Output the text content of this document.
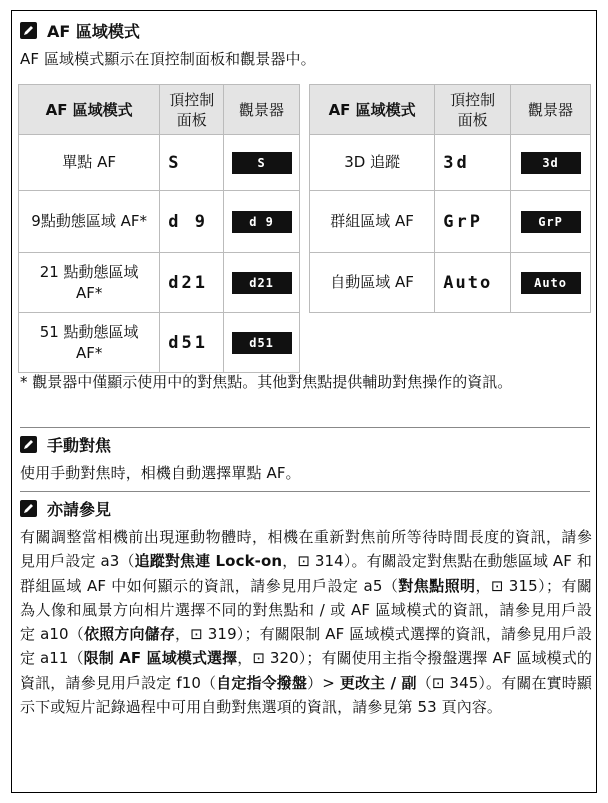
AF 區域模式
AF 區域模式顯示在頂控制面板和觀景器中。
AF 區域模式	頂控制面板	觀景器
單點 AF	S	S
9點動態區域 AF*	d 9	d 9
21 點動態區域 AF*	d21	d21
51 點動態區域 AF*	d51	d51
AF 區域模式	頂控制面板	觀景器
3D 追蹤	3d	3d
群組區域 AF	GrP	GrP
自動區域 AF	Auto	Auto
* 觀景器中僅顯示使用中的對焦點。其他對焦點提供輔助對焦操作的資訊。
手動對焦
使用手動對焦時，相機自動選擇單點 AF。
亦請參見
有關調整當相機前出現運動物體時，相機在重新對焦前所等待時間長度的資訊，請參見用戶設定 a3（追蹤對焦連 Lock-on，⊡ 314）。有關設定對焦點在動態區域 AF 和群組區域 AF 中如何顯示的資訊，請參見用戶設定 a5（對焦點照明，⊡ 315）；有關為人像和風景方向相片選擇不同的對焦點和 / 或 AF 區域模式的資訊，請參見用戶設定 a10（依照方向儲存，⊡ 319）；有關限制 AF 區域模式選擇的資訊，請參見用戶設定 a11（限制 AF 區域模式選擇，⊡ 320）；有關使用主指令撥盤選擇 AF 區域模式的資訊，請參見用戶設定 f10（自定指令撥盤）> 更改主 / 副（⊡ 345）。有關在實時顯示下或短片記錄過程中可用自動對焦選項的資訊，請參見第 53 頁內容。
